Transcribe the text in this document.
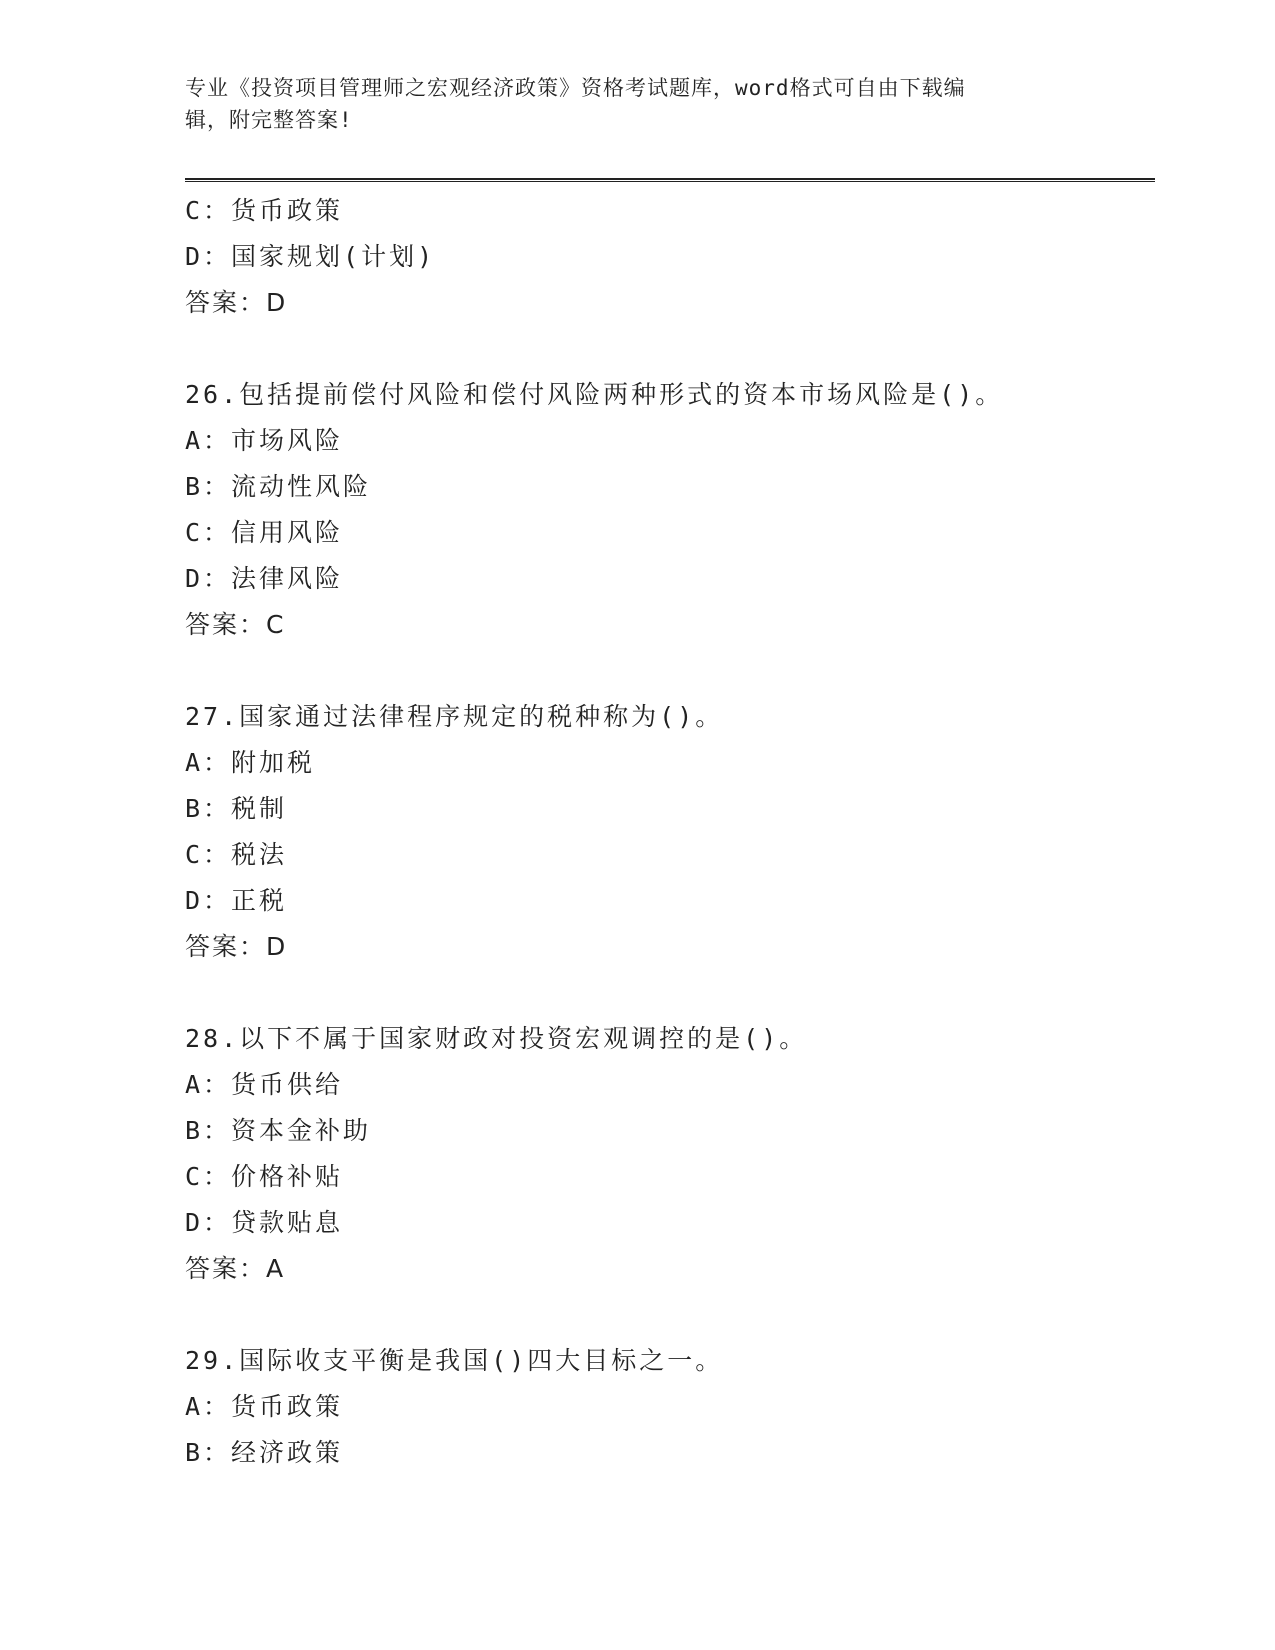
专业《投资项目管理师之宏观经济政策》资格考试题库，word格式可自由下载编
辑，附完整答案!
C：货币政策
D：国家规划(计划)
答案：D
26.包括提前偿付风险和偿付风险两种形式的资本市场风险是()。
A：市场风险
B：流动性风险
C：信用风险
D：法律风险
答案：C
27.国家通过法律程序规定的税种称为()。
A：附加税
B：税制
C：税法
D：正税
答案：D
28.以下不属于国家财政对投资宏观调控的是()。
A：货币供给
B：资本金补助
C：价格补贴
D：贷款贴息
答案：A
29.国际收支平衡是我国()四大目标之一。
A：货币政策
B：经济政策
